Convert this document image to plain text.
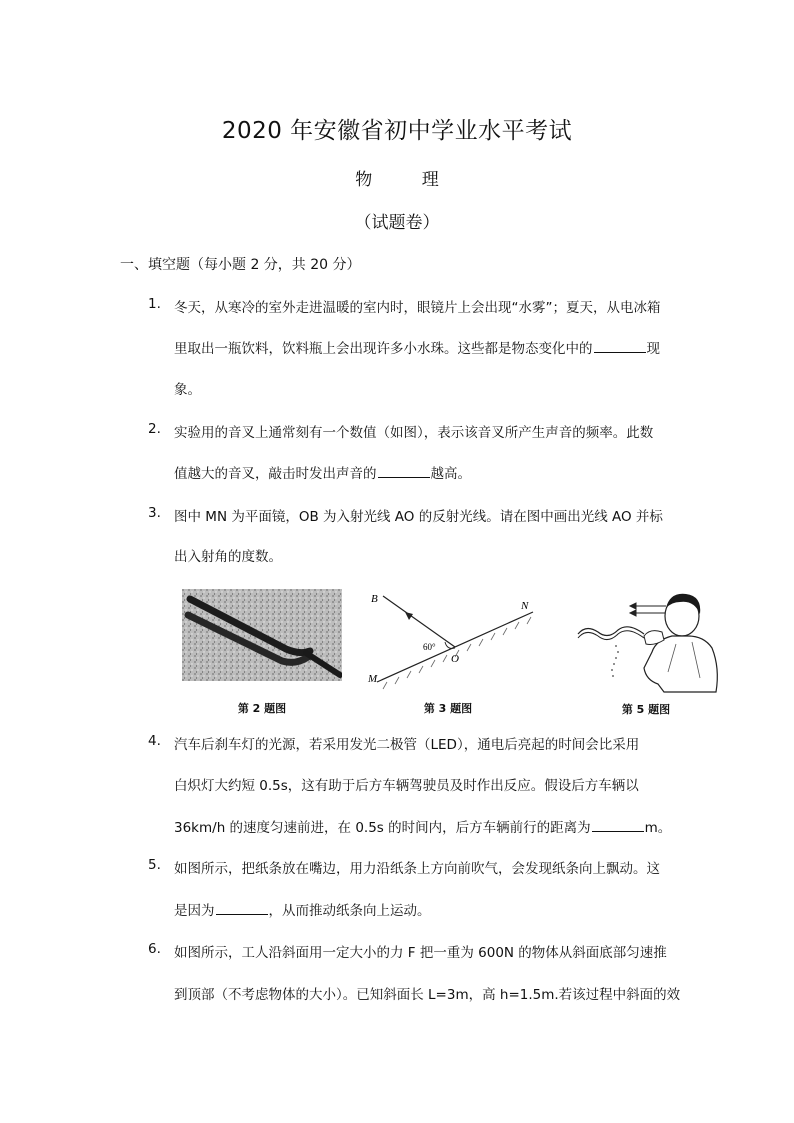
2020 年安徽省初中学业水平考试
物 理
（试题卷）
一、填空题（每小题 2 分，共 20 分）
1. 冬天，从寒冷的室外走进温暖的室内时，眼镜片上会出现“水雾”；夏天，从电冰箱
里取出一瓶饮料，饮料瓶上会出现许多小水珠。这些都是物态变化中的	现
象。
2. 实验用的音叉上通常刻有一个数值（如图），表示该音叉所产生声音的频率。此数
值越大的音叉，敲击时发出声音的	越高。
3. 图中 MN 为平面镜，OB 为入射光线 AO 的反射光线。请在图中画出光线 AO 并标
出入射角的度数。
第 2 题图
B
N
M
O
60°
第 3 题图	第 5 题图
4. 汽车后刹车灯的光源，若采用发光二极管（LED），通电后亮起的时间会比采用
白炽灯大约短 0.5s，这有助于后方车辆驾驶员及时作出反应。假设后方车辆以
36km/h 的速度匀速前进，在 0.5s 的时间内，后方车辆前行的距离为	m。
5. 如图所示，把纸条放在嘴边，用力沿纸条上方向前吹气，会发现纸条向上飘动。这
是因为	，从而推动纸条向上运动。
6. 如图所示，工人沿斜面用一定大小的力 F 把一重为 600N 的物体从斜面底部匀速推
到顶部（不考虑物体的大小）。已知斜面长 L=3m，高 h=1.5m.若该过程中斜面的效
